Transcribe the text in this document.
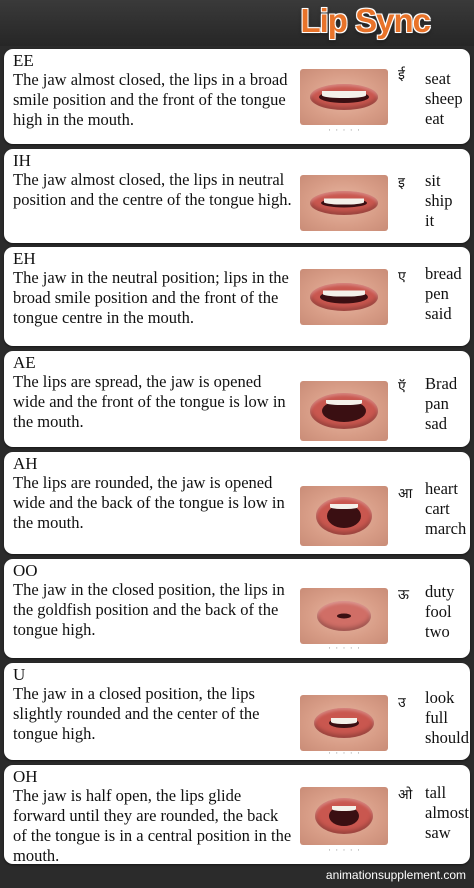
Lip Sync
EE
The jaw almost closed, the lips in a broad smile position and the front of the tongue high in the mouth.
· · · · ·
ई seat
sheep
eat
IH
The jaw almost closed, the lips in neutral position and the centre of the tongue high.
इ sit
ship
it
EH
The jaw in the neutral position; lips in the broad smile position and the front of the tongue centre in the mouth.
ए bread
pen
said
AE
The lips are spread, the jaw is opened wide and the front of the tongue is low in the mouth.
ऍ Brad
pan
sad
AH
The lips are rounded, the jaw is opened wide and the back of the tongue is low in the mouth.
आ heart
cart
march
OO
The jaw in the closed position, the lips in the goldfish position and the back of the tongue high.
· · · · ·
ऊ duty
fool
two
U
The jaw in a closed position, the lips slightly rounded and the center of the tongue high.
· · · · ·
उ look
full
should
OH
The jaw is half open, the lips glide forward until they are rounded, the back of the tongue is in a central position in the mouth.	· · · · ·
ओ tall
almost
saw
animationsupplement.com
